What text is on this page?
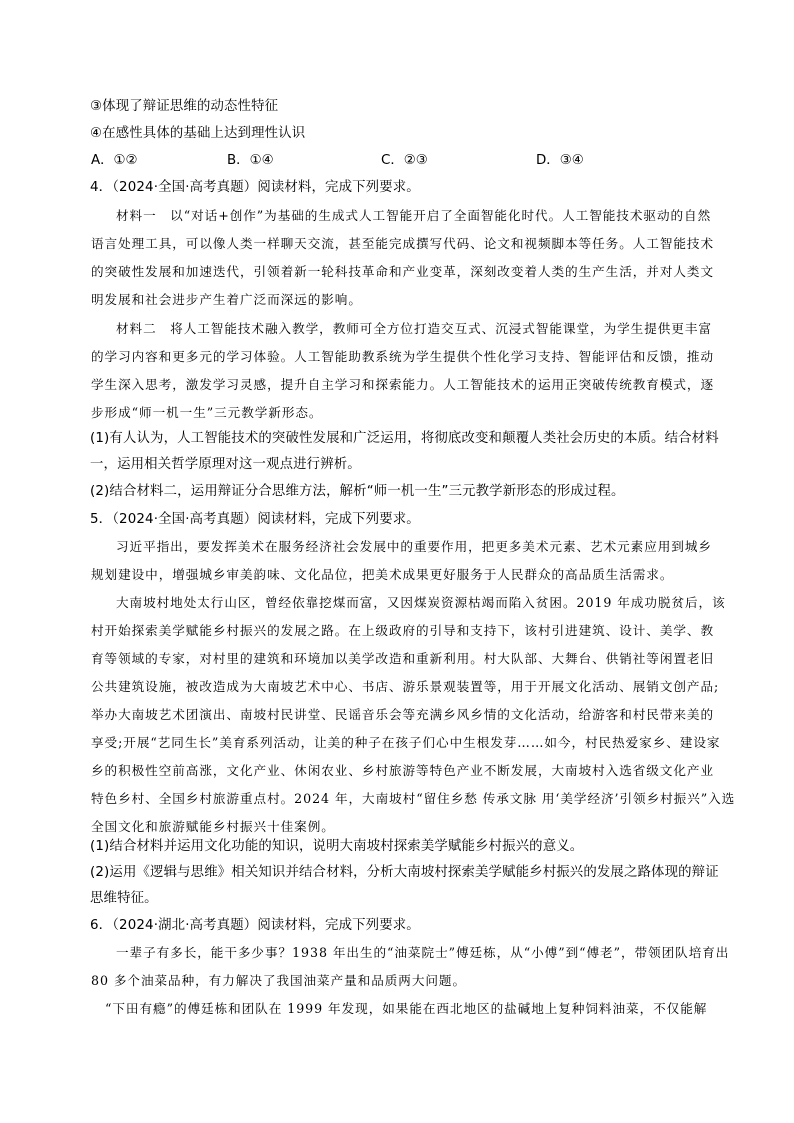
③体现了辩证思维的动态性特征
④在感性具体的基础上达到理性认识
A．①②	B．①④	C．②③	D．③④
4．（2024·全国·高考真题）阅读材料，完成下列要求。
材料一　以“对话+创作”为基础的生成式人工智能开启了全面智能化时代。人工智能技术驱动的自然
语言处理工具，可以像人类一样聊天交流，甚至能完成撰写代码、论文和视频脚本等任务。人工智能技术
的突破性发展和加速迭代，引领着新一轮科技革命和产业变革，深刻改变着人类的生产生活，并对人类文
明发展和社会进步产生着广泛而深远的影响。
材料二　将人工智能技术融入教学，教师可全方位打造交互式、沉浸式智能课堂，为学生提供更丰富
的学习内容和更多元的学习体验。人工智能助教系统为学生提供个性化学习支持、智能评估和反馈，推动
学生深入思考，激发学习灵感，提升自主学习和探索能力。人工智能技术的运用正突破传统教育模式，逐
步形成“师一机一生”三元教学新形态。
(1)有人认为，人工智能技术的突破性发展和广泛运用，将彻底改变和颠覆人类社会历史的本质。结合材料
一，运用相关哲学原理对这一观点进行辨析。
(2)结合材料二，运用辩证分合思维方法，解析“师一机一生”三元教学新形态的形成过程。
5．（2024·全国·高考真题）阅读材料，完成下列要求。
习近平指出，要发挥美术在服务经济社会发展中的重要作用，把更多美术元素、艺术元素应用到城乡
规划建设中，增强城乡审美韵味、文化品位，把美术成果更好服务于人民群众的高品质生活需求。
大南坡村地处太行山区，曾经依靠挖煤而富，又因煤炭资源枯竭而陷入贫困。2019 年成功脱贫后，该
村开始探索美学赋能乡村振兴的发展之路。在上级政府的引导和支持下，该村引进建筑、设计、美学、教
育等领域的专家，对村里的建筑和环境加以美学改造和重新利用。村大队部、大舞台、供销社等闲置老旧
公共建筑设施，被改造成为大南坡艺术中心、书店、游乐景观装置等，用于开展文化活动、展销文创产品;
举办大南坡艺术团演出、南坡村民讲堂、民谣音乐会等充满乡风乡情的文化活动，给游客和村民带来美的
享受;开展“艺同生长”美育系列活动，让美的种子在孩子们心中生根发芽……如今，村民热爱家乡、建设家
乡的积极性空前高涨，文化产业、休闲农业、乡村旅游等特色产业不断发展，大南坡村入选省级文化产业
特色乡村、全国乡村旅游重点村。2024 年，大南坡村“留住乡愁 传承文脉 用‘美学经济’引领乡村振兴”入选
全国文化和旅游赋能乡村振兴十佳案例。
(1)结合材料并运用文化功能的知识，说明大南坡村探索美学赋能乡村振兴的意义。
(2)运用《逻辑与思维》相关知识并结合材料，分析大南坡村探索美学赋能乡村振兴的发展之路体现的辩证
思维特征。
6．（2024·湖北·高考真题）阅读材料，完成下列要求。
一辈子有多长，能干多少事？1938 年出生的“油菜院士”傅廷栋，从“小傅”到“傅老”，带领团队培育出
80 多个油菜品种，有力解决了我国油菜产量和品质两大问题。
“下田有瘾”的傅廷栋和团队在 1999 年发现，如果能在西北地区的盐碱地上复种饲料油菜，不仅能解
